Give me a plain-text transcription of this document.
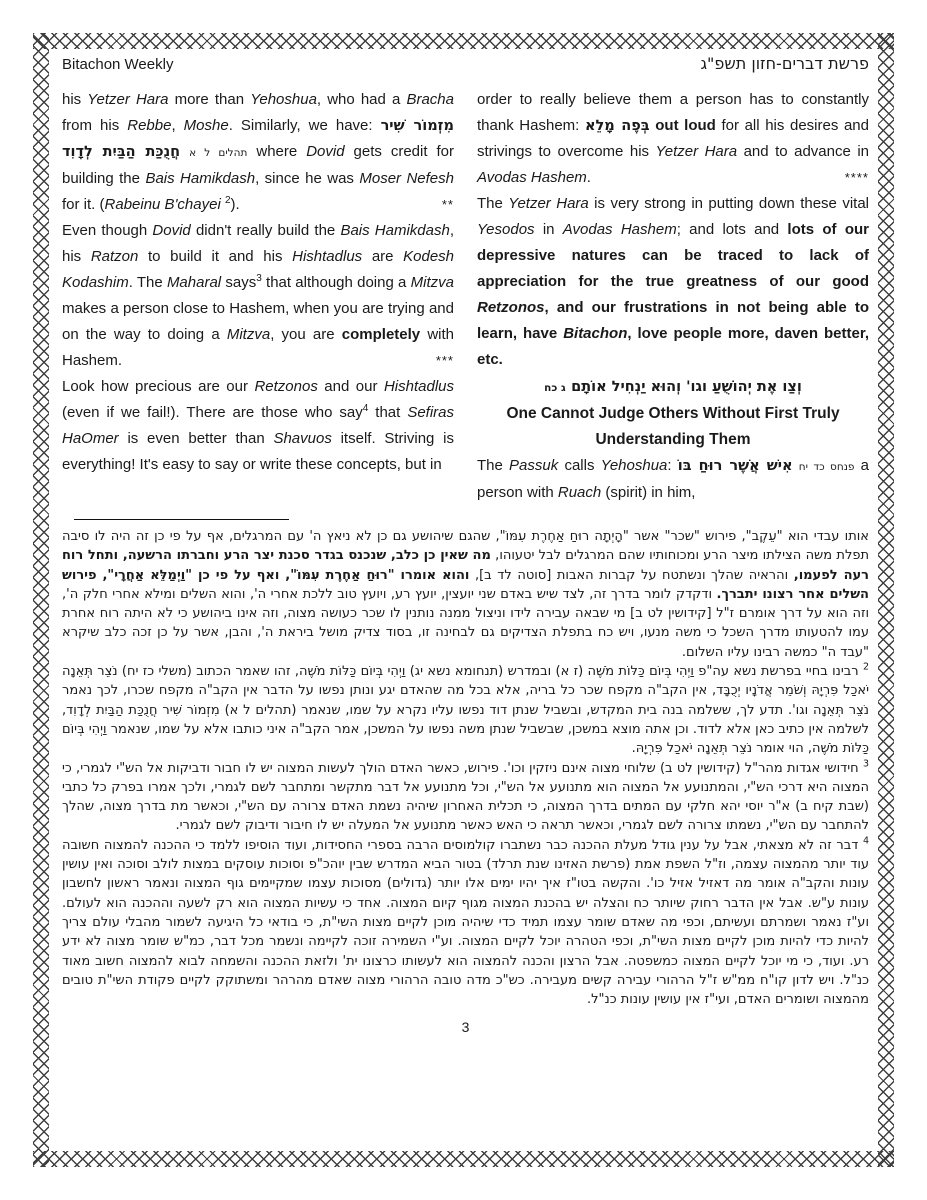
Bitachon Weekly	פרשת דברים-חזון תשפ"ג

his Yetzer Hara more than Yehoshua, who had a Bracha from his Rebbe, Moshe. Similarly, we have: מִזְמוֹר שִׁיר חֲנֻכַּת הַבַּיִת לְדָוִד תהלים ל א where Dovid gets credit for building the Bais Hamikdash, since he was Moser Nefesh for it. (Rabeinu B'chayei $^2$).	**

Even though Dovid didn't really build the Bais Hamikdash, his Ratzon to build it and his Hishtadlus are Kodesh Kodashim. The Maharal says$^3$ that although doing a Mitzva makes a person close to Hashem, when you are trying and on the way to doing a Mitzva, you are completely with Hashem.	***

Look how precious are our Retzonos and our Hishtadlus (even if we fail!). There are those who say$^4$ that Sefiras HaOmer is even better than Shavuos itself. Striving is everything! It's easy to say or write these concepts, but in

order to really believe them a person has to constantly thank Hashem: בְּפֶה מָלֵא out loud for all his desires and strivings to overcome his Yetzer Hara and to advance in Avodas Hashem.	****

The Yetzer Hara is very strong in putting down these vital Yesodos in Avodas Hashem; and lots and lots of our depressive natures can be traced to lack of appreciation for the true greatness of our good Retzonos, and our frustrations in not being able to learn, have Bitachon, love people more, daven better, etc.

וְצַו אֶת יְהוֹשֻׁעַ וגו' וְהוּא יַנְחִיל אוֹתָם ג כח

One Cannot Judge Others Without First Truly Understanding Them

The Passuk calls Yehoshua: אִישׁ אֲשֶׁר רוּחַ בּוֹ פנחס כד יח a person with Ruach (spirit) in him,

אותו עבדי הוא "עֵקֶב", פירוש "שכר" אשר "הָיְתָה רוּחַ אַחֶרֶת עִמּוֹ", שהגם שיהושע גם כן לא ניאץ ה' עם המרגלים, אף על פי כן זה היה לו סיבה תפלת משה הצילתו מיצר הרע ומכוחותיו שהם המרגלים לבל יטעוהו, מה שאין כן כלב, שנכנס בגדר סכנת יצר הרע וחברתו הרשעה, ותחל רוח רעה לפעמו, והראיה שהלך ונשתטח על קברות האבות [סוטה לד ב], והוא אומרו "רוּחַ אַחֶרֶת עִמּוֹ", ואף על פי כן "וַיְמַלֵּא אַחֲרָי", פירוש השלים אחר רצונו יתברך. ודקדק לומר בדרך זה, לצד שיש באדם שני יועצין, יועץ רע, ויועץ טוב ללכת אחרי ה', והוא השלים ומילא אחרי חלק ה', וזה הוא על דרך אומרם ז"ל [קידושין לט ב] מי שבאה עבירה לידו וניצול ממנה נותנין לו שכר כעושה מצוה, וזה אינו ביהושע כי לא היתה רוח אחרת עמו להטעותו מדרך השכל כי משה מנעו, ויש כח בתפלת הצדיקים גם לבחינה זו, בסוד צדיק מושל ביראת ה', והבן, אשר על כן זכה כלב שיקרא "עבד ה" כמשה רבינו עליו השלום.

$^2$ רבינו בחיי בפרשת נשא עה"פ וַיְהִי בְּיוֹם כַּלּוֹת מֹשֶׁה (ז א) ובמדרש (תנחומא נשא יג) וַיְהִי בְּיוֹם כַּלּוֹת מֹשֶׁה, זהו שאמר הכתוב (משלי כז יח) נֹצֵר תְּאֵנָה יֹאכַל פִּרְיָהּ וְשֹׁמֵר אֲדֹנָיו יְכֻבָּד, אין הקב"ה מקפח שכר כל בריה, אלא בכל מה שהאדם יגע ונותן נפשו על הדבר אין הקב"ה מקפח שכרו, לכך נאמר נֹצֵר תְּאֵנָה וגו'. תדע לך, ששלמה בנה בית המקדש, ובשביל שנתן דוד נפשו עליו נקרא על שמו, שנאמר (תהלים ל א) מִזְמוֹר שִׁיר חֲנֻכַּת הַבַּיִת לְדָוִד, לשלמה אין כתיב כאן אלא לדוד. וכן אתה מוצא במשכן, שבשביל שנתן משה נפשו על המשכן, אמר הקב"ה איני כותבו אלא על שמו, שנאמר וַיְהִי בְּיוֹם כַּלּוֹת מֹשֶׁה, הוי אומר נֹצֵר תְּאֵנָה יֹאכַל פִּרְיָהּ.

$^3$ חידושי אגדות מהר"ל (קידושין לט ב) שלוחי מצוה אינם ניזקין וכו'. פירוש, כאשר האדם הולך לעשות המצוה יש לו חבור ודביקות אל הש"י לגמרי, כי המצוה היא דרכי הש"י, והמתנועע אל המצוה הוא מתנועע אל הש"י, וכל מתנועע אל דבר מתקשר ומתחבר לשם לגמרי, ולכך אמרו בפרק כל כתבי (שבת קיח ב) א"ר יוסי יהא חלקי עם המתים בדרך המצוה, כי תכלית האחרון שיהיה נשמת האדם צרורה עם הש"י, וכאשר מת בדרך מצוה, שהלך להתחבר עם הש"י, נשמתו צרורה לשם לגמרי, וכאשר תראה כי האש כאשר מתנועע אל המעלה יש לו חיבור ודיבוק לשם לגמרי.

$^4$ דבר זה לא מצאתי, אבל על ענין גודל מעלת ההכנה כבר נשתברו קולמוסים הרבה בספרי החסידות, ועוד הוסיפו ללמד כי ההכנה להמצוה חשובה עוד יותר מהמצוה עצמה, וז"ל השפת אמת (פרשת האזינו שנת תרלד) בטור הביא המדרש שבין יוהכ"פ וסוכות עוסקים במצות לולב וסוכה ואין עושין עונות והקב"ה אומר מה דאזיל אזיל כו'. והקשה בטו"ז איך יהיו ימים אלו יותר (גדולים) מסוכות עצמו שמקיימים גוף המצוה ונאמר ראשון לחשבון עונות ע"ש. אבל אין הדבר רחוק שיותר כח והצלה יש בהכנת המצוה מגוף קיום המצוה. אחד כי עשיות המצוה הוא רק לשעה וההכנה הוא לעולם. וע"ז נאמר ושמרתם ועשיתם, וכפי מה שאדם שומר עצמו תמיד כדי שיהיה מוכן לקיים מצות השי"ת, כי בודאי כל היגיעה לשמור מהבלי עולם צריך להיות כדי להיות מוכן לקיים מצות השי"ת, וכפי הטהרה יוכל לקיים המצוה. וע"י השמירה זוכה לקיימה ונשמר מכל דבר, כמ"ש שומר מצוה לא ידע רע. ועוד, כי מי יוכל לקיים המצוה כמשפטה. אבל הרצון והכנה להמצוה הוא לעשותו כרצונו ית' ולזאת ההכנה והשמחה לבוא להמצוה חשוב מאוד כנ"ל. ויש לדון קו"ח ממ"ש ז"ל הרהורי עבירה קשים מעבירה. כש"כ מדה טובה הרהורי מצוה שאדם מהרהר ומשתוקק לקיים פקודת השי"ת טובים מהמצוה ושומרים האדם, ועי"ז אין עושין עונות כנ"ל.

3
